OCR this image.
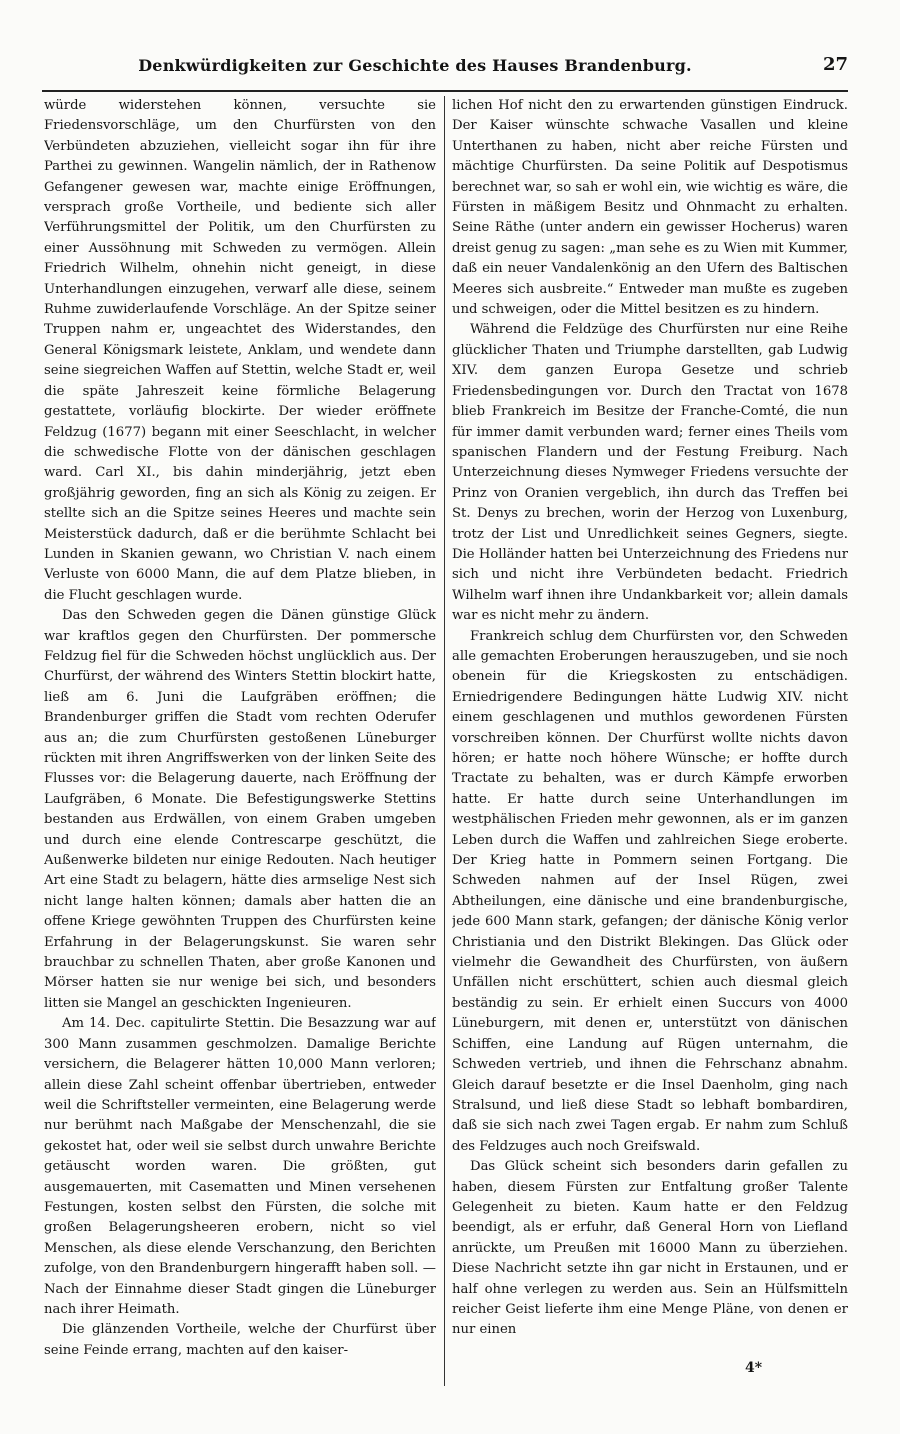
Denkwürdigkeiten zur Geschichte des Hauses Brandenburg.	27

würde widerstehen können, versuchte sie Friedensvorschläge, um den Churfürsten von den Verbündeten abzuziehen, vielleicht sogar ihn für ihre Parthei zu gewinnen. Wangelin nämlich, der in Rathenow Gefangener gewesen war, machte einige Eröffnungen, versprach große Vortheile, und bediente sich aller Verführungsmittel der Politik, um den Churfürsten zu einer Aussöhnung mit Schweden zu vermögen. Allein Friedrich Wilhelm, ohnehin nicht geneigt, in diese Unterhandlungen einzugehen, verwarf alle diese, seinem Ruhme zuwiderlaufende Vorschläge. An der Spitze seiner Truppen nahm er, ungeachtet des Widerstandes, den General Königsmark leistete, Anklam, und wendete dann seine siegreichen Waffen auf Stettin, welche Stadt er, weil die späte Jahreszeit keine förmliche Belagerung gestattete, vorläufig blockirte. Der wieder eröffnete Feldzug (1677) begann mit einer Seeschlacht, in welcher die schwedische Flotte von der dänischen geschlagen ward. Carl XI., bis dahin minderjährig, jetzt eben großjährig geworden, fing an sich als König zu zeigen. Er stellte sich an die Spitze seines Heeres und machte sein Meisterstück dadurch, daß er die berühmte Schlacht bei Lunden in Skanien gewann, wo Christian V. nach einem Verluste von 6000 Mann, die auf dem Platze blieben, in die Flucht geschlagen wurde.

Das den Schweden gegen die Dänen günstige Glück war kraftlos gegen den Churfürsten. Der pommersche Feldzug fiel für die Schweden höchst unglücklich aus. Der Churfürst, der während des Winters Stettin blockirt hatte, ließ am 6. Juni die Laufgräben eröffnen; die Brandenburger griffen die Stadt vom rechten Oderufer aus an; die zum Churfürsten gestoßenen Lüneburger rückten mit ihren Angriffswerken von der linken Seite des Flusses vor: die Belagerung dauerte, nach Eröffnung der Laufgräben, 6 Monate. Die Befestigungswerke Stettins bestanden aus Erdwällen, von einem Graben umgeben und durch eine elende Contrescarpe geschützt, die Außenwerke bildeten nur einige Redouten. Nach heutiger Art eine Stadt zu belagern, hätte dies armselige Nest sich nicht lange halten können; damals aber hatten die an offene Kriege gewöhnten Truppen des Churfürsten keine Erfahrung in der Belagerungskunst. Sie waren sehr brauchbar zu schnellen Thaten, aber große Kanonen und Mörser hatten sie nur wenige bei sich, und besonders litten sie Mangel an geschickten Ingenieuren.

Am 14. Dec. capitulirte Stettin. Die Besazzung war auf 300 Mann zusammen geschmolzen. Damalige Berichte versichern, die Belagerer hätten 10,000 Mann verloren; allein diese Zahl scheint offenbar übertrieben, entweder weil die Schriftsteller vermeinten, eine Belagerung werde nur berühmt nach Maßgabe der Menschenzahl, die sie gekostet hat, oder weil sie selbst durch unwahre Berichte getäuscht worden waren. Die größten, gut ausgemauerten, mit Casematten und Minen versehenen Festungen, kosten selbst den Fürsten, die solche mit großen Belagerungsheeren erobern, nicht so viel Menschen, als diese elende Verschanzung, den Berichten zufolge, von den Brandenburgern hingerafft haben soll. — Nach der Einnahme dieser Stadt gingen die Lüneburger nach ihrer Heimath.

Die glänzenden Vortheile, welche der Churfürst über seine Feinde errang, machten auf den kaiser-

lichen Hof nicht den zu erwartenden günstigen Eindruck. Der Kaiser wünschte schwache Vasallen und kleine Unterthanen zu haben, nicht aber reiche Fürsten und mächtige Churfürsten. Da seine Politik auf Despotismus berechnet war, so sah er wohl ein, wie wichtig es wäre, die Fürsten in mäßigem Besitz und Ohnmacht zu erhalten. Seine Räthe (unter andern ein gewisser Hocherus) waren dreist genug zu sagen: „man sehe es zu Wien mit Kummer, daß ein neuer Vandalenkönig an den Ufern des Baltischen Meeres sich ausbreite.“ Entweder man mußte es zugeben und schweigen, oder die Mittel besitzen es zu hindern.

Während die Feldzüge des Churfürsten nur eine Reihe glücklicher Thaten und Triumphe darstellten, gab Ludwig XIV. dem ganzen Europa Gesetze und schrieb Friedensbedingungen vor. Durch den Tractat von 1678 blieb Frankreich im Besitze der Franche-Comté, die nun für immer damit verbunden ward; ferner eines Theils vom spanischen Flandern und der Festung Freiburg. Nach Unterzeichnung dieses Nymweger Friedens versuchte der Prinz von Oranien vergeblich, ihn durch das Treffen bei St. Denys zu brechen, worin der Herzog von Luxenburg, trotz der List und Unredlichkeit seines Gegners, siegte. Die Holländer hatten bei Unterzeichnung des Friedens nur sich und nicht ihre Verbündeten bedacht. Friedrich Wilhelm warf ihnen ihre Undankbarkeit vor; allein damals war es nicht mehr zu ändern.

Frankreich schlug dem Churfürsten vor, den Schweden alle gemachten Eroberungen herauszugeben, und sie noch obenein für die Kriegskosten zu entschädigen. Erniedrigendere Bedingungen hätte Ludwig XIV. nicht einem geschlagenen und muthlos gewordenen Fürsten vorschreiben können. Der Churfürst wollte nichts davon hören; er hatte noch höhere Wünsche; er hoffte durch Tractate zu behalten, was er durch Kämpfe erworben hatte. Er hatte durch seine Unterhandlungen im westphälischen Frieden mehr gewonnen, als er im ganzen Leben durch die Waffen und zahlreichen Siege eroberte. Der Krieg hatte in Pommern seinen Fortgang. Die Schweden nahmen auf der Insel Rügen, zwei Abtheilungen, eine dänische und eine brandenburgische, jede 600 Mann stark, gefangen; der dänische König verlor Christiania und den Distrikt Blekingen. Das Glück oder vielmehr die Gewandheit des Churfürsten, von äußern Unfällen nicht erschüttert, schien auch diesmal gleich beständig zu sein. Er erhielt einen Succurs von 4000 Lüneburgern, mit denen er, unterstützt von dänischen Schiffen, eine Landung auf Rügen unternahm, die Schweden vertrieb, und ihnen die Fehrschanz abnahm. Gleich darauf besetzte er die Insel Daenholm, ging nach Stralsund, und ließ diese Stadt so lebhaft bombardiren, daß sie sich nach zwei Tagen ergab. Er nahm zum Schluß des Feldzuges auch noch Greifswald.

Das Glück scheint sich besonders darin gefallen zu haben, diesem Fürsten zur Entfaltung großer Talente Gelegenheit zu bieten. Kaum hatte er den Feldzug beendigt, als er erfuhr, daß General Horn von Liefland anrückte, um Preußen mit 16000 Mann zu überziehen. Diese Nachricht setzte ihn gar nicht in Erstaunen, und er half ohne verlegen zu werden aus. Sein an Hülfsmitteln reicher Geist lieferte ihm eine Menge Pläne, von denen er nur einen

4*
